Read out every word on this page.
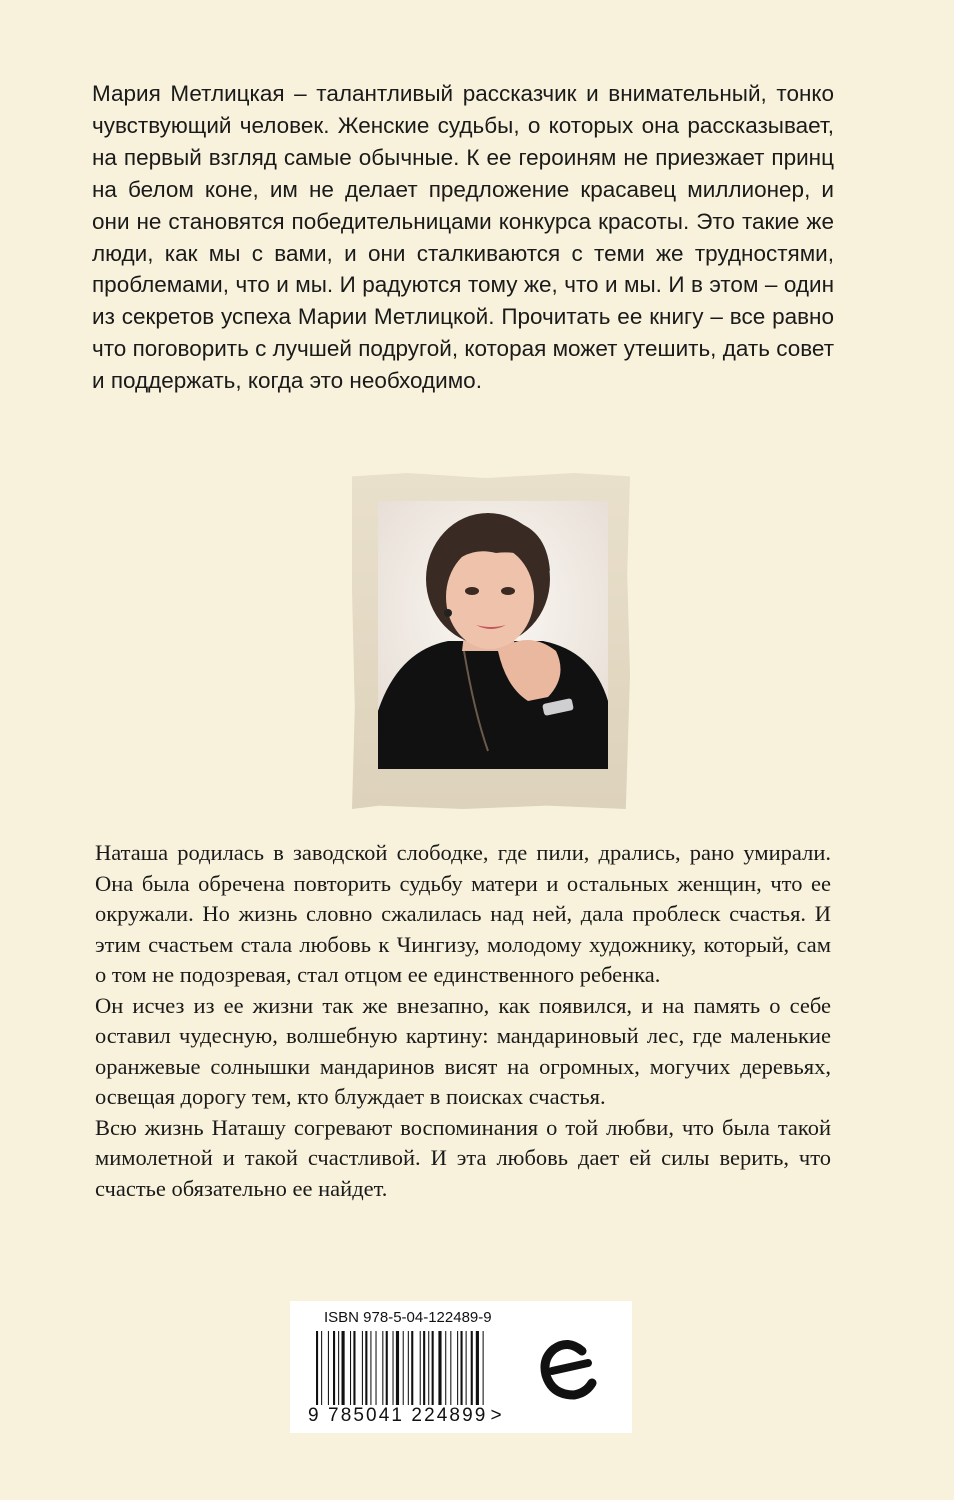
Мария Метлицкая – талантливый рассказчик и внимательный, тонко чувствующий человек. Женские судьбы, о которых она рассказывает, на первый взгляд самые обычные. К ее героиням не приезжает принц на белом коне, им не делает предложение красавец миллионер, и они не становятся победительницами конкурса красоты. Это такие же люди, как мы с вами, и они сталкиваются с теми же трудностями, проблемами, что и мы. И радуются тому же, что и мы. И в этом – один из секретов успеха Марии Метлицкой. Прочитать ее книгу – все равно что поговорить с лучшей подругой, которая может утешить, дать совет и поддержать, когда это необходимо.

Наташа родилась в заводской слободке, где пили, дрались, рано умирали. Она была обречена повторить судьбу матери и остальных женщин, что ее окружали. Но жизнь словно сжалилась над ней, дала проблеск счастья. И этим счастьем стала любовь к Чингизу, молодому художнику, который, сам о том не подозревая, стал отцом ее единственного ребенка.

Он исчез из ее жизни так же внезапно, как появился, и на память о себе оставил чудесную, волшебную картину: мандариновый лес, где маленькие оранжевые солнышки мандаринов висят на огромных, могучих деревьях, освещая дорогу тем, кто блуждает в поисках счастья.

Всю жизнь Наташу согревают воспоминания о той любви, что была такой мимолетной и такой счастливой. И эта любовь дает ей силы верить, что счастье обязательно ее найдет.

ISBN 978-5-04-122489-9
9 785041 224899 >
